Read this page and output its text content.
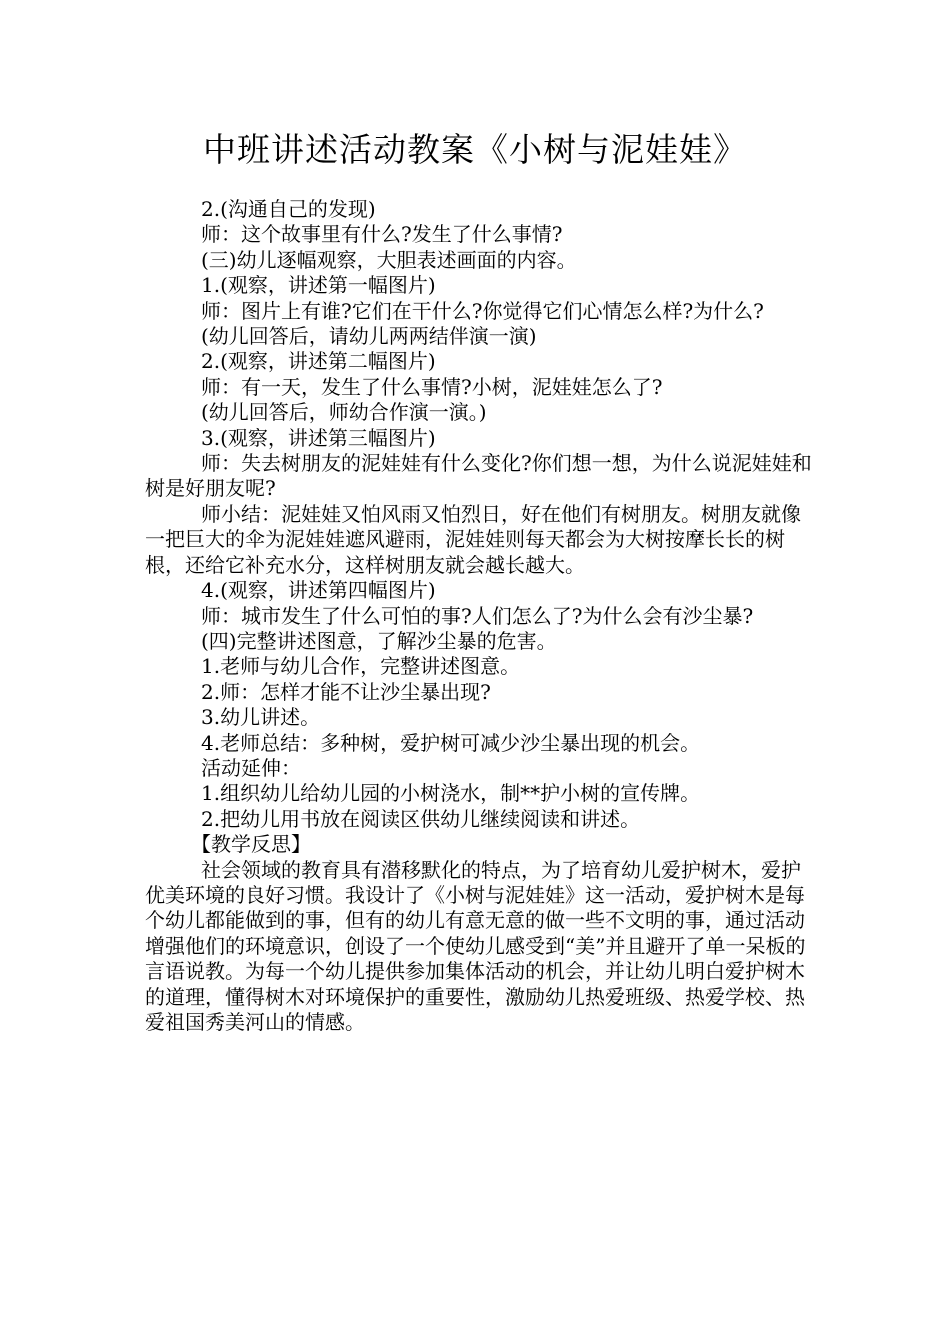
中班讲述活动教案《小树与泥娃娃》

2.(沟通自己的发现)

师：这个故事里有什么?发生了什么事情?

(三)幼儿逐幅观察，大胆表述画面的内容。

1.(观察，讲述第一幅图片)

师：图片上有谁?它们在干什么?你觉得它们心情怎么样?为什么?

(幼儿回答后，请幼儿两两结伴演一演)

2.(观察，讲述第二幅图片)

师：有一天，发生了什么事情?小树，泥娃娃怎么了?

(幼儿回答后，师幼合作演一演。)

3.(观察，讲述第三幅图片)

师：失去树朋友的泥娃娃有什么变化?你们想一想，为什么说泥娃娃和树是好朋友呢?

师小结：泥娃娃又怕风雨又怕烈日，好在他们有树朋友。树朋友就像一把巨大的伞为泥娃娃遮风避雨，泥娃娃则每天都会为大树按摩长长的树根，还给它补充水分，这样树朋友就会越长越大。

4.(观察，讲述第四幅图片)

师：城市发生了什么可怕的事?人们怎么了?为什么会有沙尘暴?

(四)完整讲述图意，了解沙尘暴的危害。

1.老师与幼儿合作，完整讲述图意。

2.师：怎样才能不让沙尘暴出现?

3.幼儿讲述。

4.老师总结：多种树，爱护树可减少沙尘暴出现的机会。

活动延伸：

1.组织幼儿给幼儿园的小树浇水，制**护小树的宣传牌。

2.把幼儿用书放在阅读区供幼儿继续阅读和讲述。

【教学反思】

社会领域的教育具有潜移默化的特点，为了培育幼儿爱护树木，爱护优美环境的良好习惯。我设计了《小树与泥娃娃》这一活动，爱护树木是每个幼儿都能做到的事，但有的幼儿有意无意的做一些不文明的事，通过活动增强他们的环境意识，创设了一个使幼儿感受到“美”并且避开了单一呆板的言语说教。为每一个幼儿提供参加集体活动的机会，并让幼儿明白爱护树木的道理，懂得树木对环境保护的重要性，激励幼儿热爱班级、热爱学校、热爱祖国秀美河山的情感。
